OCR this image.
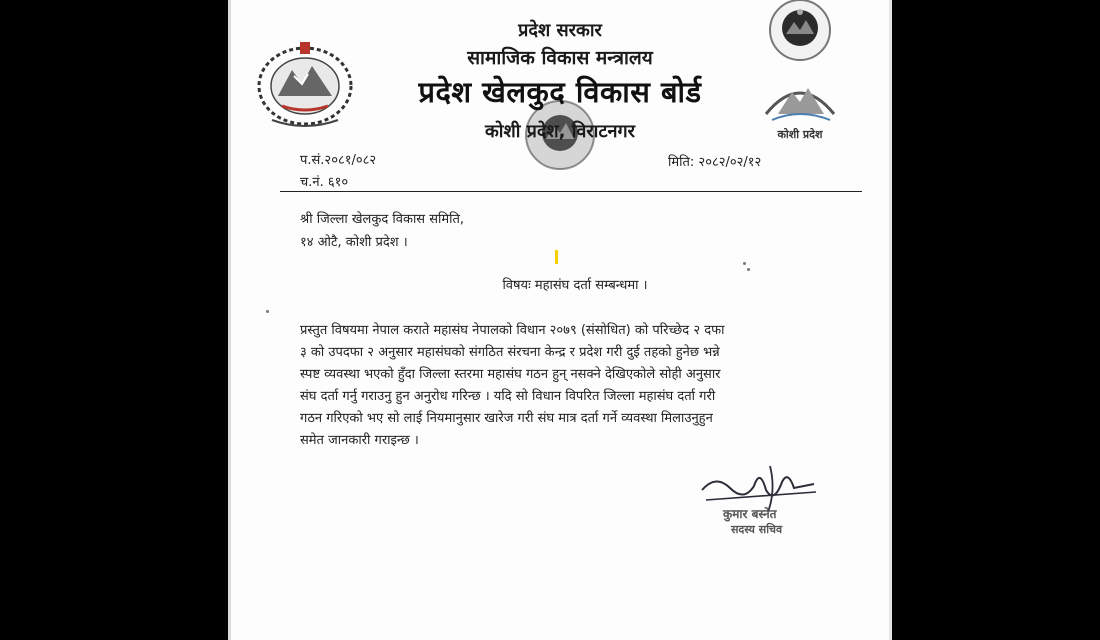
कोशी प्रदेश
प्रदेश सरकार
सामाजिक विकास मन्त्रालय
प्रदेश खेलकुद विकास बोर्ड
कोशी प्रदेश, विराटनगर
प.सं.२०८१/०८२
च.नं. ६१०
मिति: २०८२/०२/१२
श्री जिल्ला खेलकुद विकास समिति,
१४ ओटै, कोशी प्रदेश ।
विषयः महासंघ दर्ता सम्बन्धमा ।
प्रस्तुत विषयमा नेपाल कराते महासंघ नेपालको विधान २०७९ (संसोधित) को परिच्छेद २ दफा
३ को उपदफा २ अनुसार महासंघको संगठित संरचना केन्द्र र प्रदेश गरी दुई तहको हुनेछ भन्ने
स्पष्ट व्यवस्था भएको हुँदा जिल्ला स्तरमा महासंघ गठन हुन् नसक्ने देखिएकोले सोही अनुसार
संघ दर्ता गर्नु गराउनु हुन अनुरोध गरिन्छ । यदि सो विधान विपरित जिल्ला महासंघ दर्ता गरी
गठन गरिएको भए सो लाई नियमानुसार खारेज गरी संघ मात्र दर्ता गर्ने व्यवस्था मिलाउनुहुन
समेत जानकारी गराइन्छ ।
कुमार बस्नेत
सदस्य सचिव
